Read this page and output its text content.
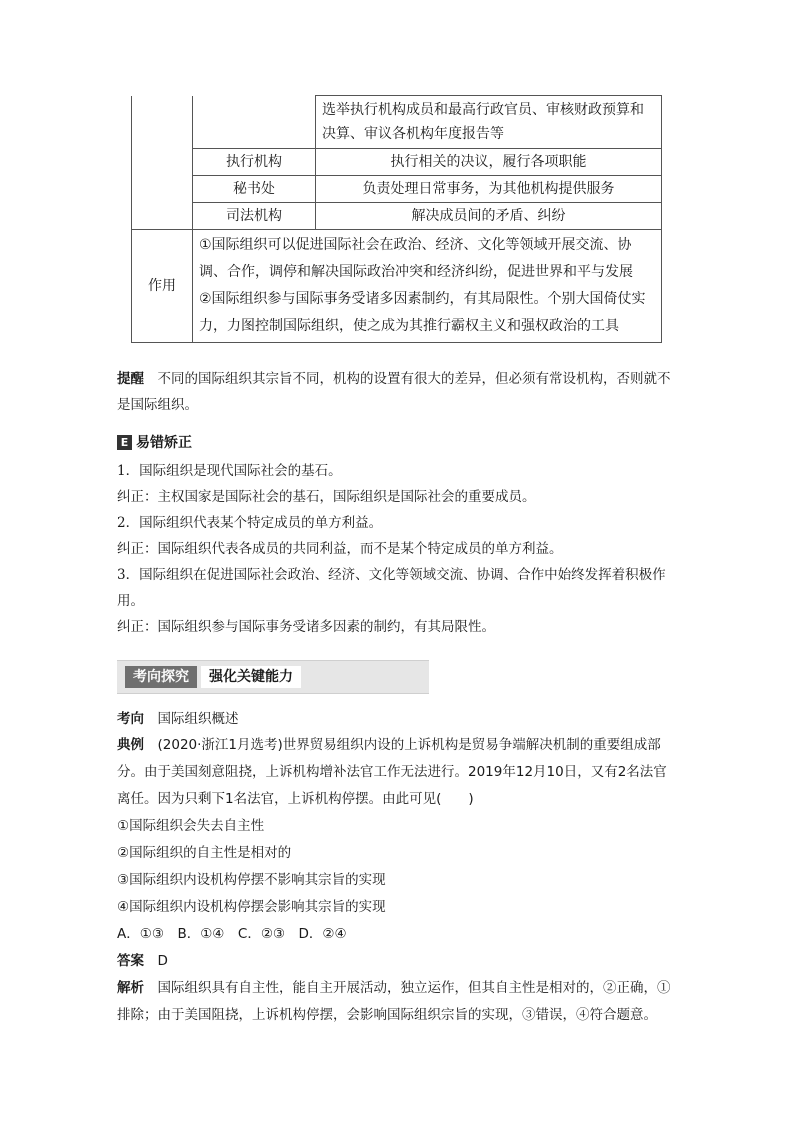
		选举执行机构成员和最高行政官员、审核财政预算和决算、审议各机构年度报告等
	执行机构	执行相关的决议，履行各项职能
	秘书处	负责处理日常事务，为其他机构提供服务
	司法机构	解决成员间的矛盾、纠纷
作用	①国际组织可以促进国际社会在政治、经济、文化等领域开展交流、协调、合作，调停和解决国际政治冲突和经济纠纷，促进世界和平与发展
②国际组织参与国际事务受诸多因素制约，有其局限性。个别大国倚仗实力，力图控制国际组织，使之成为其推行霸权主义和强权政治的工具	
提醒　 不同的国际组织其宗旨不同，机构的设置有很大的差异，但必须有常设机构，否则就不是国际组织。
E 易错矫正
1．国际组织是现代国际社会的基石。
纠正：主权国家是国际社会的基石，国际组织是国际社会的重要成员。
2．国际组织代表某个特定成员的单方利益。
纠正：国际组织代表各成员的共同利益，而不是某个特定成员的单方利益。
3．国际组织在促进国际社会政治、经济、文化等领域交流、协调、合作中始终发挥着积极作用。
纠正：国际组织参与国际事务受诸多因素的制约，有其局限性。
考向探究	强化关键能力
考向　 国际组织概述
典例　 (2020·浙江1月选考)世界贸易组织内设的上诉机构是贸易争端解决机制的重要组成部分。由于美国刻意阻挠，上诉机构增补法官工作无法进行。2019年12月10日，又有2名法官离任。因为只剩下1名法官，上诉机构停摆。由此可见(　　)
①国际组织会失去自主性
②国际组织的自主性是相对的
③国际组织内设机构停摆不影响其宗旨的实现
④国际组织内设机构停摆会影响其宗旨的实现
A．①③　B．①④　C．②③　D．②④
答案　 D
解析　 国际组织具有自主性，能自主开展活动，独立运作，但其自主性是相对的，②正确，①排除；由于美国阻挠，上诉机构停摆，会影响国际组织宗旨的实现，③错误，④符合题意。
